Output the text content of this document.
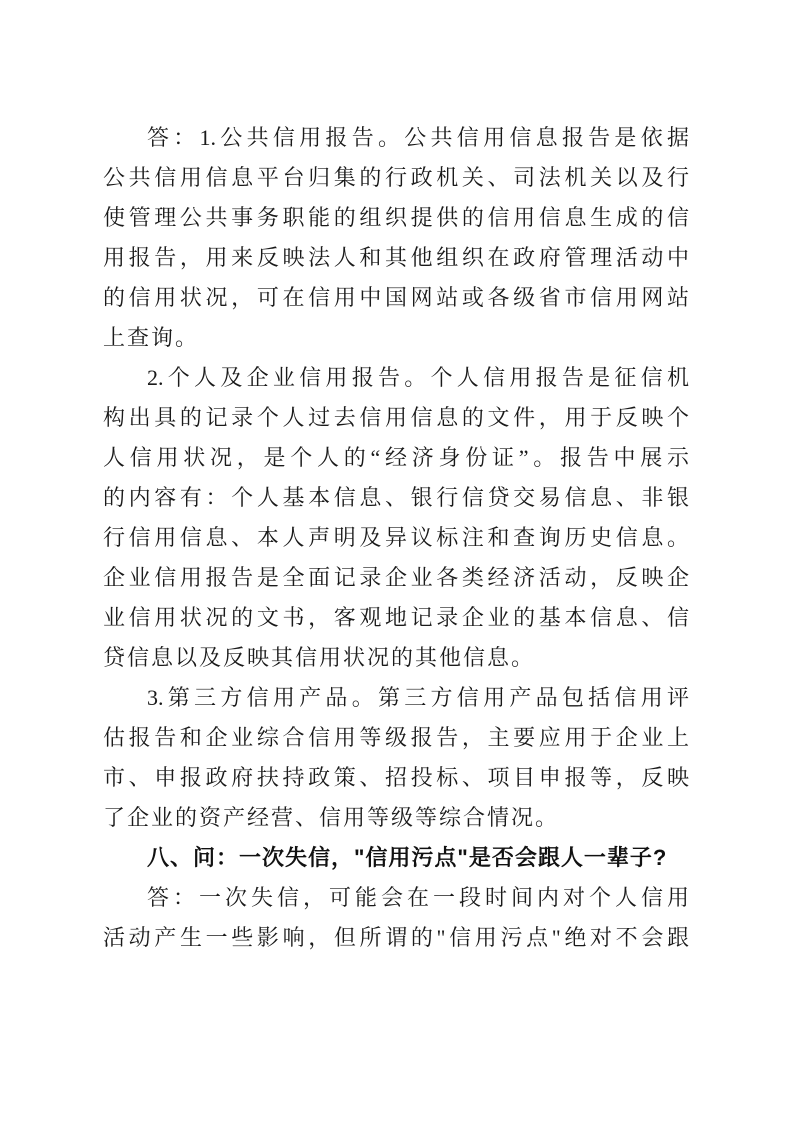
答：1.公共信用报告。公共信用信息报告是依据
公共信用信息平台归集的行政机关、司法机关以及行
使管理公共事务职能的组织提供的信用信息生成的信
用报告，用来反映法人和其他组织在政府管理活动中
的信用状况，可在信用中国网站或各级省市信用网站
上查询。
2.个人及企业信用报告。个人信用报告是征信机
构出具的记录个人过去信用信息的文件，用于反映个
人信用状况，是个人的“经济身份证”。报告中展示
的内容有：个人基本信息、银行信贷交易信息、非银
行信用信息、本人声明及异议标注和查询历史信息。
企业信用报告是全面记录企业各类经济活动，反映企
业信用状况的文书，客观地记录企业的基本信息、信
贷信息以及反映其信用状况的其他信息。
3.第三方信用产品。第三方信用产品包括信用评
估报告和企业综合信用等级报告，主要应用于企业上
市、申报政府扶持政策、招投标、项目申报等，反映
了企业的资产经营、信用等级等综合情况。
八、问：一次失信，"信用污点"是否会跟人一辈子?
答：一次失信，可能会在一段时间内对个人信用
活动产生一些影响，但所谓的"信用污点"绝对不会跟
